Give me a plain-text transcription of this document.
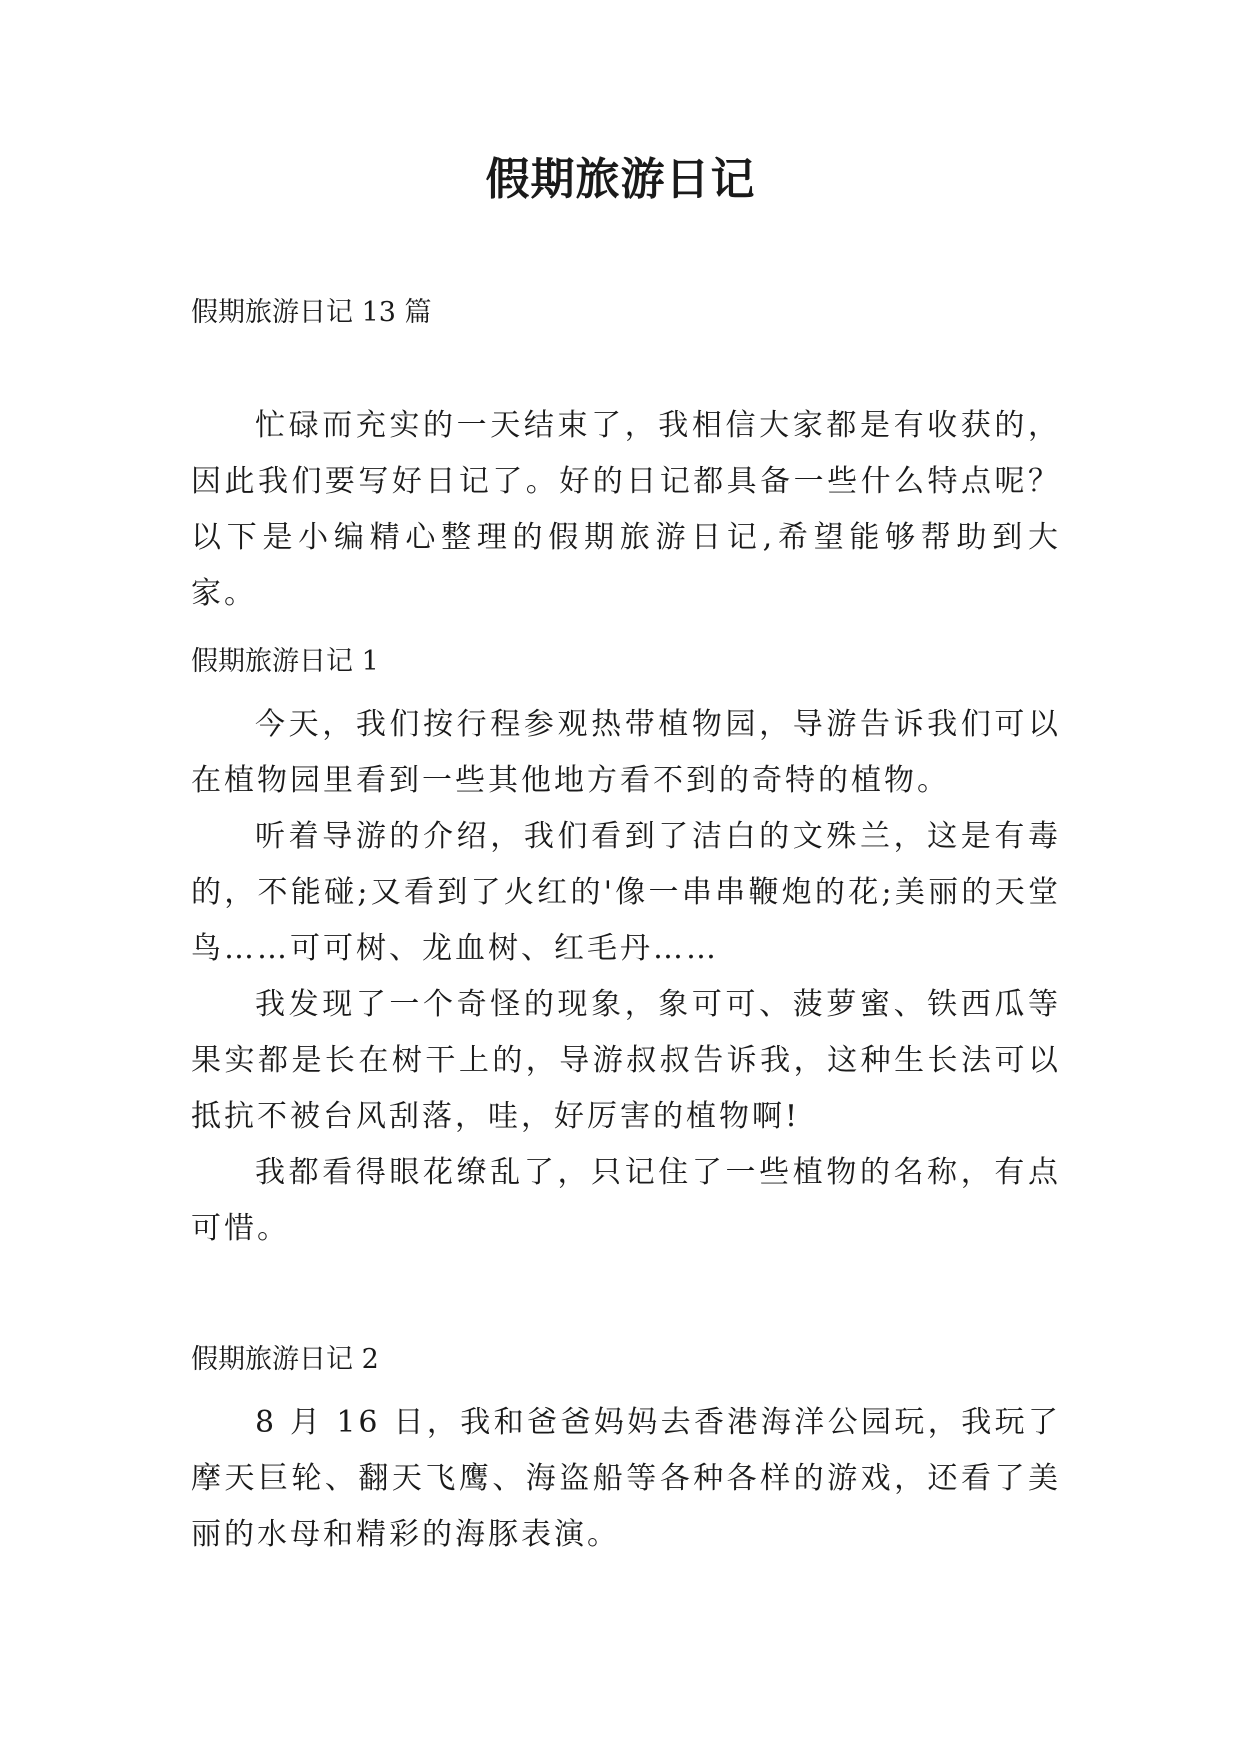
假期旅游日记
假期旅游日记 13 篇

忙碌而充实的一天结束了，我相信大家都是有收获的，因此我们要写好日记了。好的日记都具备一些什么特点呢？以下是小编精心整理的假期旅游日记,希望能够帮助到大家。

假期旅游日记 1

今天，我们按行程参观热带植物园，导游告诉我们可以在植物园里看到一些其他地方看不到的奇特的植物。

听着导游的介绍，我们看到了洁白的文殊兰，这是有毒的，不能碰;又看到了火红的'像一串串鞭炮的花;美丽的天堂鸟……可可树、龙血树、红毛丹……

我发现了一个奇怪的现象，象可可、菠萝蜜、铁西瓜等果实都是长在树干上的，导游叔叔告诉我，这种生长法可以抵抗不被台风刮落，哇，好厉害的植物啊!

我都看得眼花缭乱了，只记住了一些植物的名称，有点可惜。

假期旅游日记 2

8 月 16 日，我和爸爸妈妈去香港海洋公园玩，我玩了摩天巨轮、翻天飞鹰、海盗船等各种各样的游戏，还看了美丽的水母和精彩的海豚表演。
